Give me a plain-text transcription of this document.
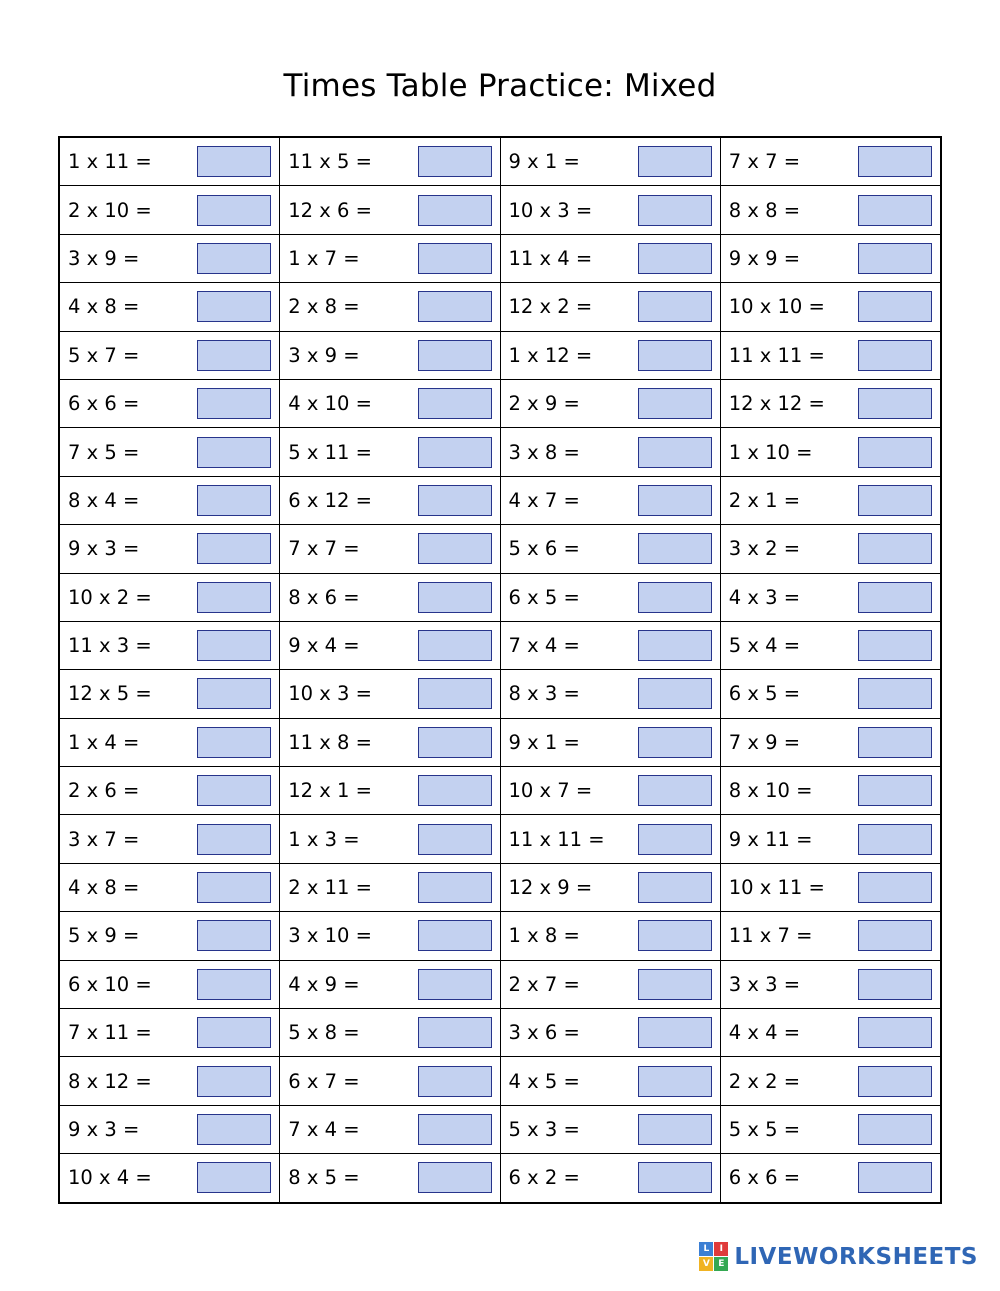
Times Table Practice: Mixed
1 x 11 =	11 x 5 =	9 x 1 =	7 x 7 =

2 x 10 =	12 x 6 =	10 x 3 =	8 x 8 =

3 x 9 =	1 x 7 =	11 x 4 =	9 x 9 =

4 x 8 =	2 x 8 =	12 x 2 =	10 x 10 =

5 x 7 =	3 x 9 =	1 x 12 =	11 x 11 =

6 x 6 =	4 x 10 =	2 x 9 =	12 x 12 =

7 x 5 =	5 x 11 =	3 x 8 =	1 x 10 =

8 x 4 =	6 x 12 =	4 x 7 =	2 x 1 =

9 x 3 =	7 x 7 =	5 x 6 =	3 x 2 =

10 x 2 =	8 x 6 =	6 x 5 =	4 x 3 =

11 x 3 =	9 x 4 =	7 x 4 =	5 x 4 =

12 x 5 =	10 x 3 =	8 x 3 =	6 x 5 =

1 x 4 =	11 x 8 =	9 x 1 =	7 x 9 =

2 x 6 =	12 x 1 =	10 x 7 =	8 x 10 =

3 x 7 =	1 x 3 =	11 x 11 =	9 x 11 =

4 x 8 =	2 x 11 =	12 x 9 =	10 x 11 =

5 x 9 =	3 x 10 =	1 x 8 =	11 x 7 =

6 x 10 =	4 x 9 =	2 x 7 =	3 x 3 =

7 x 11 =	5 x 8 =	3 x 6 =	4 x 4 =

8 x 12 =	6 x 7 =	4 x 5 =	2 x 2 =

9 x 3 =	7 x 4 =	5 x 3 =	5 x 5 =

10 x 4 =	8 x 5 =	6 x 2 =	6 x 6 =
L	I
V E LIVEWORKSHEETS
